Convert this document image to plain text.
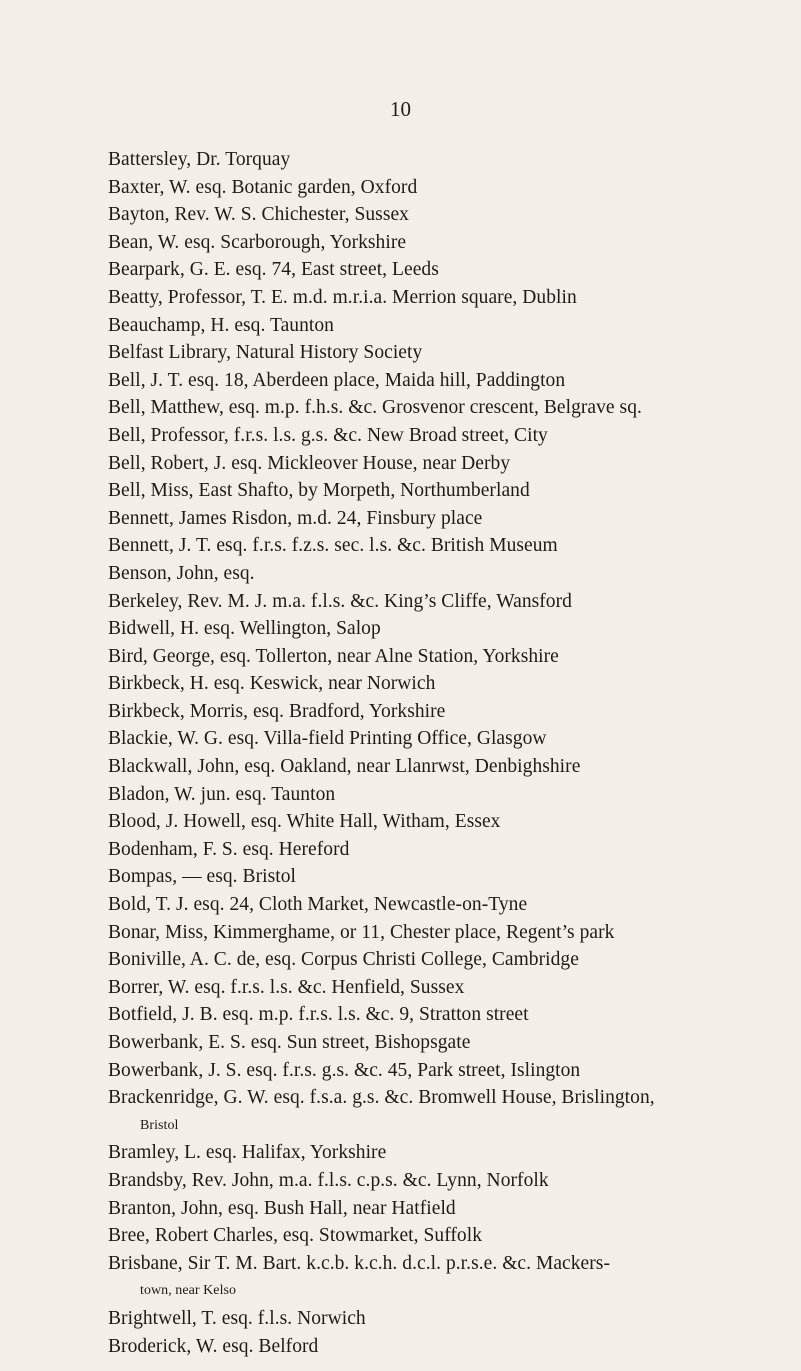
10
Battersley, Dr. Torquay
Baxter, W. esq. Botanic garden, Oxford
Bayton, Rev. W. S. Chichester, Sussex
Bean, W. esq. Scarborough, Yorkshire
Bearpark, G. E. esq. 74, East street, Leeds
Beatty, Professor, T. E. m.d. m.r.i.a. Merrion square, Dublin
Beauchamp, H. esq. Taunton
Belfast Library, Natural History Society
Bell, J. T. esq. 18, Aberdeen place, Maida hill, Paddington
Bell, Matthew, esq. m.p. f.h.s. &c. Grosvenor crescent, Belgrave sq.
Bell, Professor, f.r.s. l.s. g.s. &c. New Broad street, City
Bell, Robert, J. esq. Mickleover House, near Derby
Bell, Miss, East Shafto, by Morpeth, Northumberland
Bennett, James Risdon, m.d. 24, Finsbury place
Bennett, J. T. esq. f.r.s. f.z.s. sec. l.s. &c. British Museum
Benson, John, esq.
Berkeley, Rev. M. J. m.a. f.l.s. &c. King’s Cliffe, Wansford
Bidwell, H. esq. Wellington, Salop
Bird, George, esq. Tollerton, near Alne Station, Yorkshire
Birkbeck, H. esq. Keswick, near Norwich
Birkbeck, Morris, esq. Bradford, Yorkshire
Blackie, W. G. esq. Villa-field Printing Office, Glasgow
Blackwall, John, esq. Oakland, near Llanrwst, Denbighshire
Bladon, W. jun. esq. Taunton
Blood, J. Howell, esq. White Hall, Witham, Essex
Bodenham, F. S. esq. Hereford
Bompas, — esq. Bristol
Bold, T. J. esq. 24, Cloth Market, Newcastle-on-Tyne
Bonar, Miss, Kimmerghame, or 11, Chester place, Regent’s park
Boniville, A. C. de, esq. Corpus Christi College, Cambridge
Borrer, W. esq. f.r.s. l.s. &c. Henfield, Sussex
Botfield, J. B. esq. m.p. f.r.s. l.s. &c. 9, Stratton street
Bowerbank, E. S. esq. Sun street, Bishopsgate
Bowerbank, J. S. esq. f.r.s. g.s. &c. 45, Park street, Islington
Brackenridge, G. W. esq. f.s.a. g.s. &c. Bromwell House, Brislington,
Bristol
Bramley, L. esq. Halifax, Yorkshire
Brandsby, Rev. John, m.a. f.l.s. c.p.s. &c. Lynn, Norfolk
Branton, John, esq. Bush Hall, near Hatfield
Bree, Robert Charles, esq. Stowmarket, Suffolk
Brisbane, Sir T. M. Bart. k.c.b. k.c.h. d.c.l. p.r.s.e. &c. Mackers-
town, near Kelso
Brightwell, T. esq. f.l.s. Norwich
Broderick, W. esq. Belford
